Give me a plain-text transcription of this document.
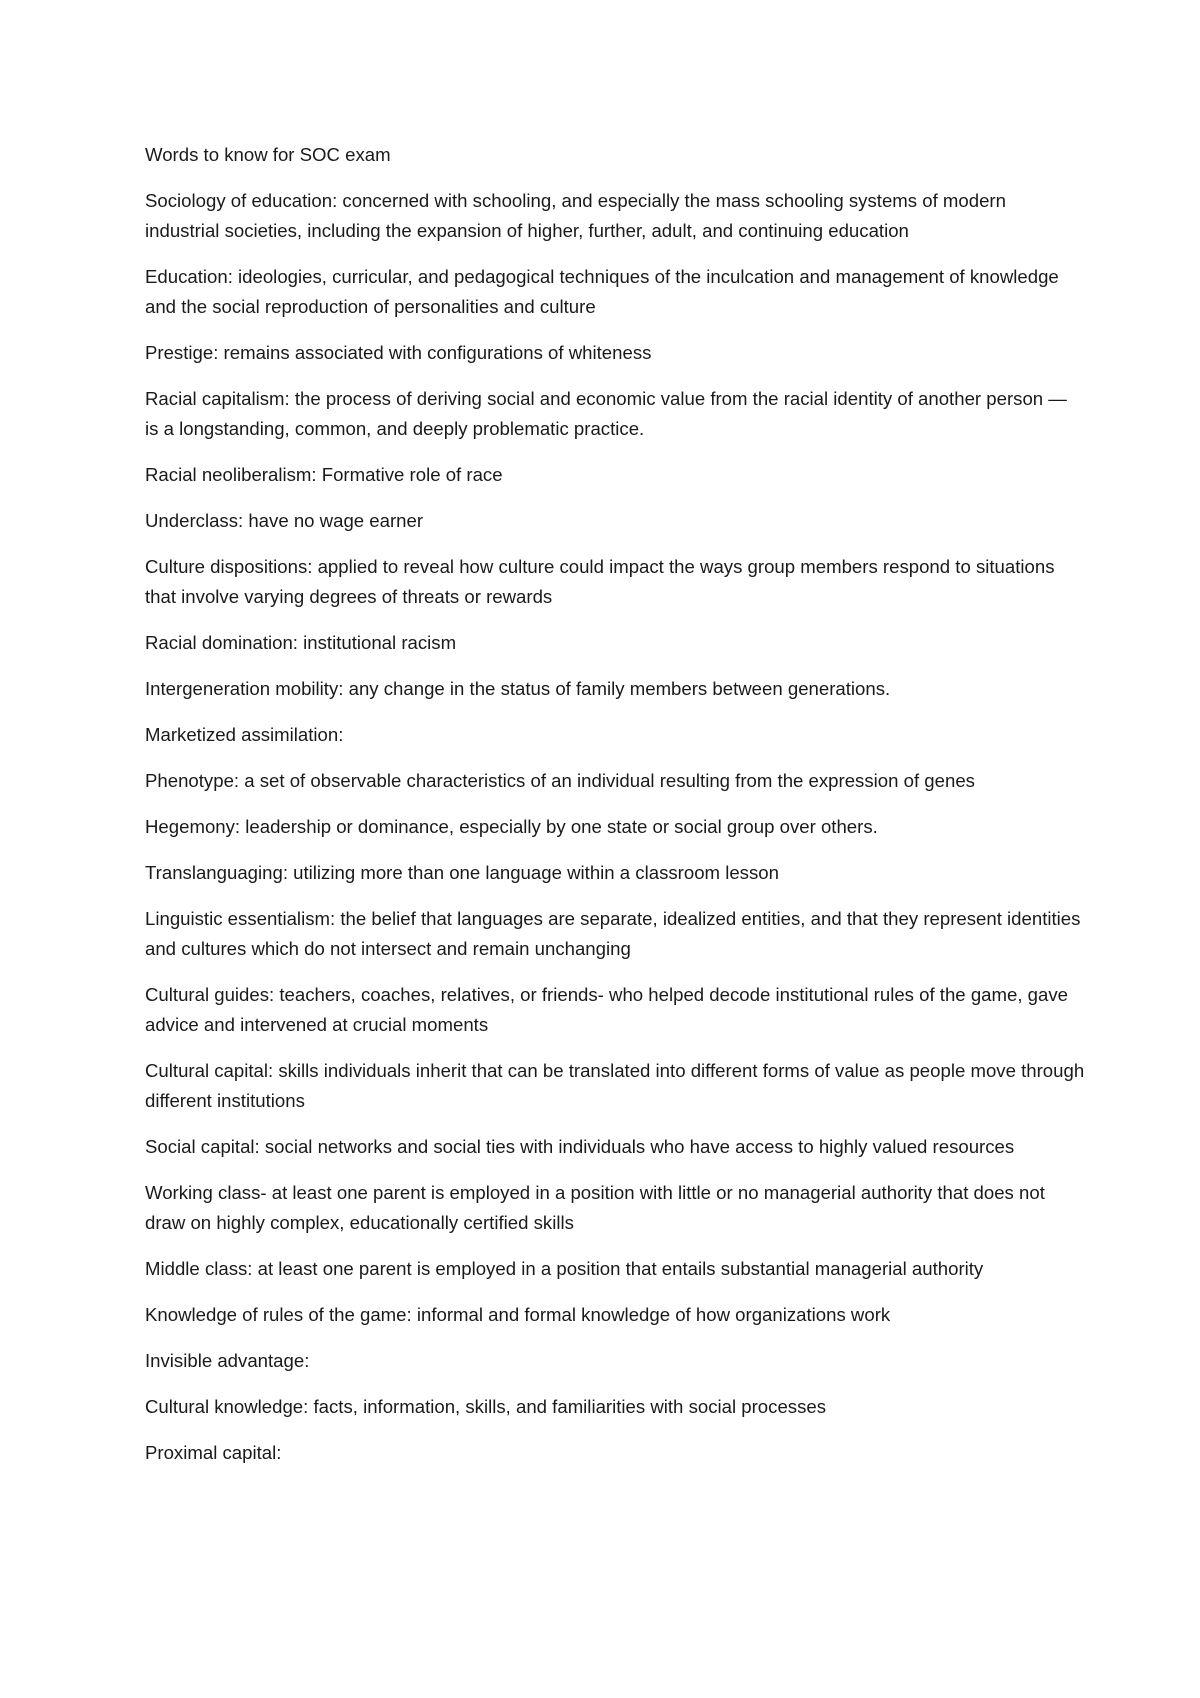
Words to know for SOC exam

Sociology of education: concerned with schooling, and especially the mass schooling systems of modern industrial societies, including the expansion of higher, further, adult, and continuing education

Education: ideologies, curricular, and pedagogical techniques of the inculcation and management of knowledge and the social reproduction of personalities and culture

Prestige: remains associated with configurations of whiteness

Racial capitalism: the process of deriving social and economic value from the racial identity of another person — is a longstanding, common, and deeply problematic practice.

Racial neoliberalism: Formative role of race

Underclass: have no wage earner

Culture dispositions: applied to reveal how culture could impact the ways group members respond to situations that involve varying degrees of threats or rewards

Racial domination: institutional racism

Intergeneration mobility: any change in the status of family members between generations.

Marketized assimilation:

Phenotype: a set of observable characteristics of an individual resulting from the expression of genes

Hegemony: leadership or dominance, especially by one state or social group over others.

Translanguaging: utilizing more than one language within a classroom lesson

Linguistic essentialism: the belief that languages are separate, idealized entities, and that they represent identities and cultures which do not intersect and remain unchanging

Cultural guides: teachers, coaches, relatives, or friends- who helped decode institutional rules of the game, gave advice and intervened at crucial moments

Cultural capital: skills individuals inherit that can be translated into different forms of value as people move through different institutions

Social capital: social networks and social ties with individuals who have access to highly valued resources

Working class- at least one parent is employed in a position with little or no managerial authority that does not draw on highly complex, educationally certified skills

Middle class: at least one parent is employed in a position that entails substantial managerial authority

Knowledge of rules of the game: informal and formal knowledge of how organizations work

Invisible advantage:

Cultural knowledge: facts, information, skills, and familiarities with social processes

Proximal capital:
